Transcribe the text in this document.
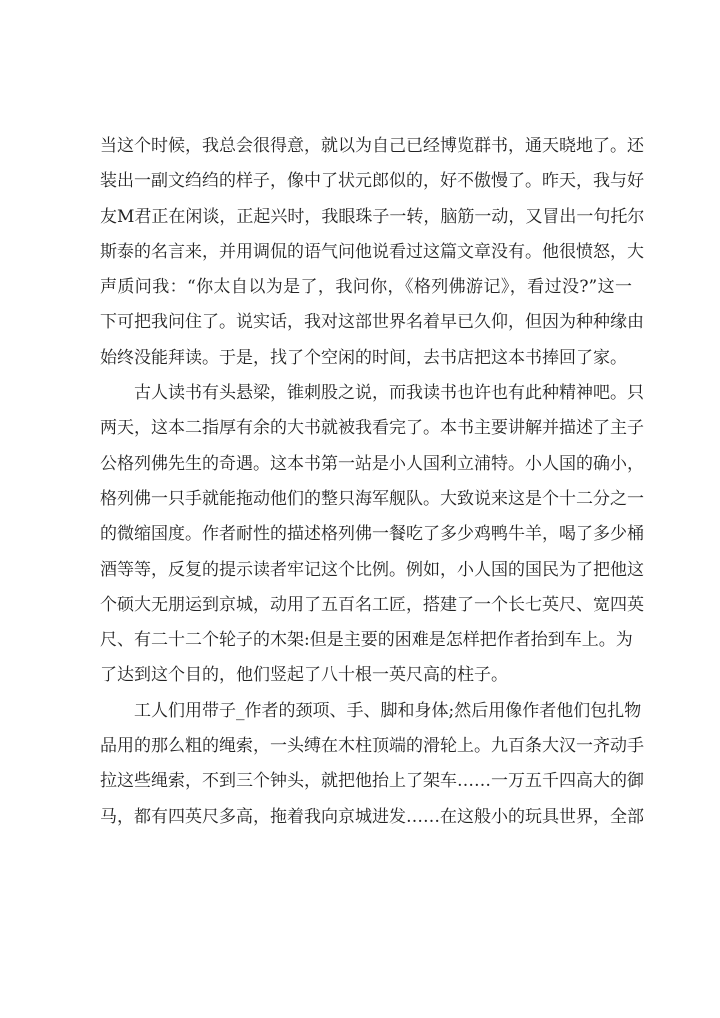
当这个时候，我总会很得意，就以为自己已经博览群书，通天晓地了。还
装出一副文绉绉的样子，像中了状元郎似的，好不傲慢了。昨天，我与好
友M君正在闲谈，正起兴时，我眼珠子一转，脑筋一动，又冒出一句托尔
斯泰的名言来，并用调侃的语气问他说看过这篇文章没有。他很愤怒，大
声质问我：“你太自以为是了，我问你，《格列佛游记》，看过没?”这一
下可把我问住了。说实话，我对这部世界名着早已久仰，但因为种种缘由
始终没能拜读。于是，找了个空闲的时间，去书店把这本书捧回了家。
古人读书有头悬梁，锥刺股之说，而我读书也许也有此种精神吧。只
两天，这本二指厚有余的大书就被我看完了。本书主要讲解并描述了主子
公格列佛先生的奇遇。这本书第一站是小人国利立浦特。小人国的确小，
格列佛一只手就能拖动他们的整只海军舰队。大致说来这是个十二分之一
的微缩国度。作者耐性的描述格列佛一餐吃了多少鸡鸭牛羊，喝了多少桶
酒等等，反复的提示读者牢记这个比例。例如，小人国的国民为了把他这
个硕大无朋运到京城，动用了五百名工匠，搭建了一个长七英尺、宽四英
尺、有二十二个轮子的木架:但是主要的困难是怎样把作者抬到车上。为
了达到这个目的，他们竖起了八十根一英尺高的柱子。
工人们用带子_作者的颈项、手、脚和身体;然后用像作者他们包扎物
品用的那么粗的绳索，一头缚在木柱顶端的滑轮上。九百条大汉一齐动手
拉这些绳索，不到三个钟头，就把他抬上了架车……一万五千四高大的御
马，都有四英尺多高，拖着我向京城进发……在这般小的玩具世界，全部
